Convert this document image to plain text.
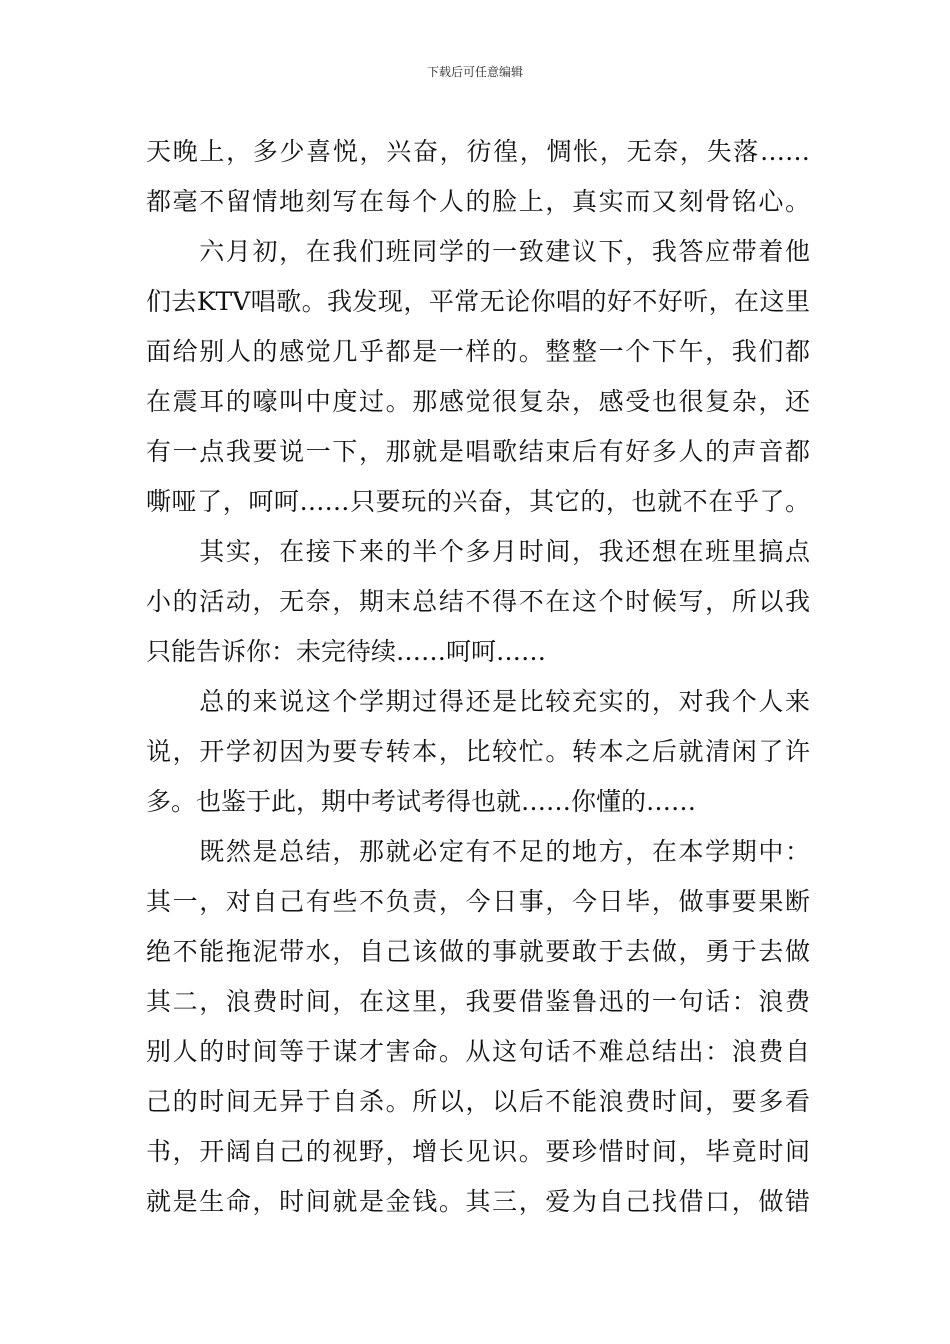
下载后可任意编辑
天晚上，多少喜悦，兴奋，彷徨，惆怅，无奈，失落……
都毫不留情地刻写在每个人的脸上，真实而又刻骨铭心。
　　六月初，在我们班同学的一致建议下，我答应带着他
们去KTV唱歌。我发现，平常无论你唱的好不好听，在这里
面给别人的感觉几乎都是一样的。整整一个下午，我们都
在震耳的嚎叫中度过。那感觉很复杂，感受也很复杂，还
有一点我要说一下，那就是唱歌结束后有好多人的声音都
嘶哑了，呵呵……只要玩的兴奋，其它的，也就不在乎了。
　　其实，在接下来的半个多月时间，我还想在班里搞点
小的活动，无奈，期末总结不得不在这个时候写，所以我
只能告诉你：未完待续……呵呵……
　　总的来说这个学期过得还是比较充实的，对我个人来
说，开学初因为要专转本，比较忙。转本之后就清闲了许
多。也鉴于此，期中考试考得也就……你懂的……
　　既然是总结，那就必定有不足的地方，在本学期中：
其一，对自己有些不负责，今日事，今日毕，做事要果断
绝不能拖泥带水，自己该做的事就要敢于去做，勇于去做
其二，浪费时间，在这里，我要借鉴鲁迅的一句话：浪费
别人的时间等于谋才害命。从这句话不难总结出：浪费自
己的时间无异于自杀。所以，以后不能浪费时间，要多看
书，开阔自己的视野，增长见识。要珍惜时间，毕竟时间
就是生命，时间就是金钱。其三，爱为自己找借口，做错
